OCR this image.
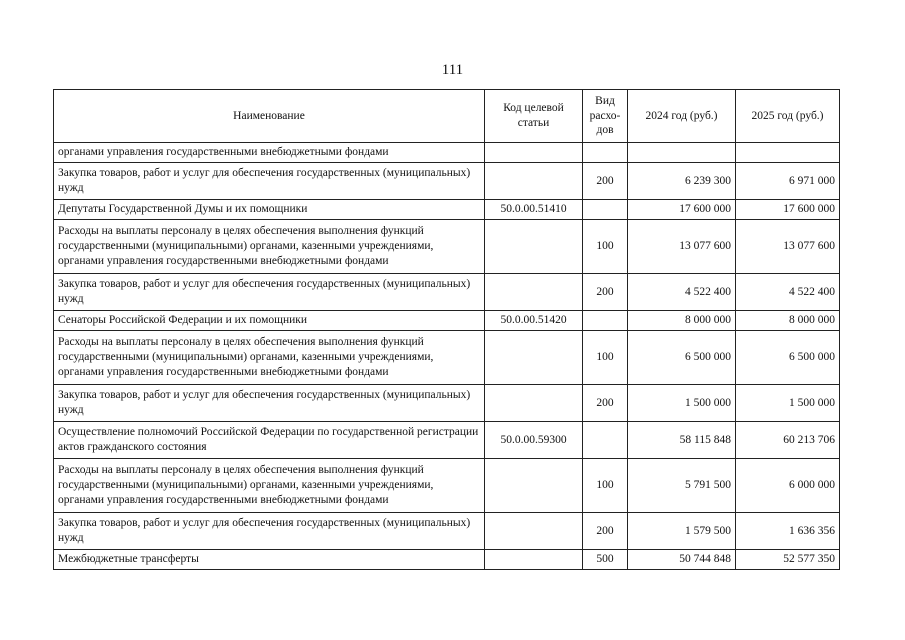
111
Наименование	Код целевой статьи	Вид расхо-дов	2024 год (руб.)	2025 год (руб.)
органами управления государственными внебюджетными фондами				
Закупка товаров, работ и услуг для обеспечения государственных (муниципальных) нужд		200	6 239 300	6 971 000
Депутаты Государственной Думы и их помощники	50.0.00.51410		17 600 000	17 600 000
Расходы на выплаты персоналу в целях обеспечения выполнения функций государственными (муниципальными) органами, казенными учреждениями, органами управления государственными внебюджетными фондами		100	13 077 600	13 077 600
Закупка товаров, работ и услуг для обеспечения государственных (муниципальных) нужд		200	4 522 400	4 522 400
Сенаторы Российской Федерации и их помощники	50.0.00.51420		8 000 000	8 000 000
Расходы на выплаты персоналу в целях обеспечения выполнения функций государственными (муниципальными) органами, казенными учреждениями, органами управления государственными внебюджетными фондами		100	6 500 000	6 500 000
Закупка товаров, работ и услуг для обеспечения государственных (муниципальных) нужд		200	1 500 000	1 500 000
Осуществление полномочий Российской Федерации по государственной регистрации актов гражданского состояния	50.0.00.59300		58 115 848	60 213 706
Расходы на выплаты персоналу в целях обеспечения выполнения функций государственными (муниципальными) органами, казенными учреждениями, органами управления государственными внебюджетными фондами		100	5 791 500	6 000 000
Закупка товаров, работ и услуг для обеспечения государственных (муниципальных) нужд		200	1 579 500	1 636 356
Межбюджетные трансферты		500	50 744 848	52 577 350
